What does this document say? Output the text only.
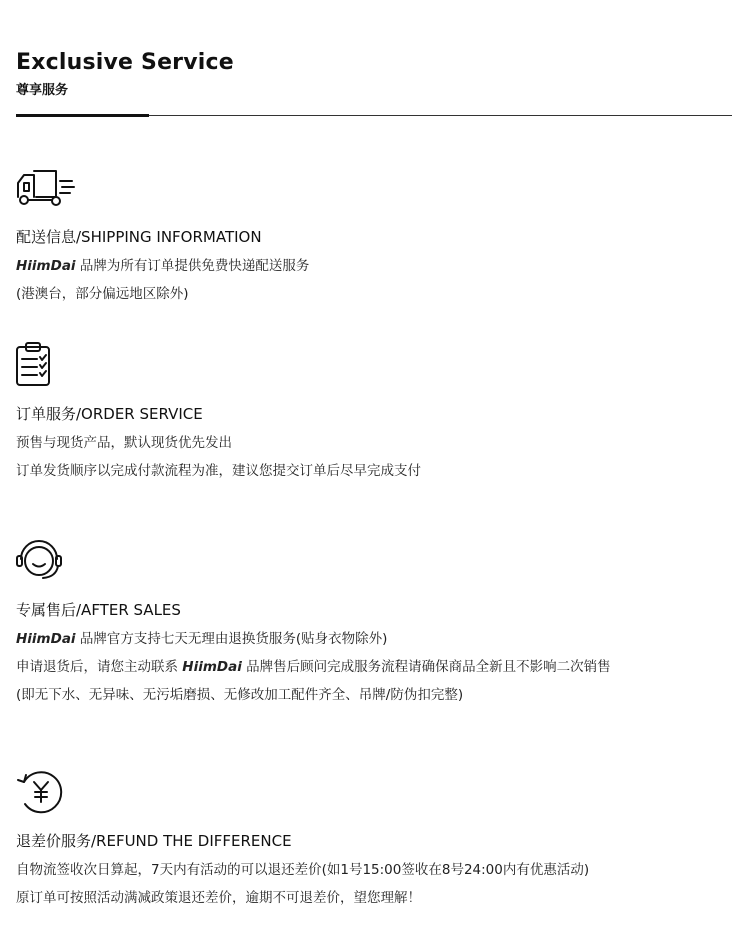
Exclusive Service
尊享服务
配送信息/SHIPPING INFORMATION
HiimDai 品牌为所有订单提供免费快递配送服务
(港澳台，部分偏远地区除外)
订单服务/ORDER SERVICE
预售与现货产品，默认现货优先发出
订单发货顺序以完成付款流程为准，建议您提交订单后尽早完成支付
专属售后/AFTER SALES
HiimDai 品牌官方支持七天无理由退换货服务(贴身衣物除外)
申请退货后，请您主动联系 HiimDai 品牌售后顾问完成服务流程请确保商品全新且不影响二次销售
(即无下水、无异味、无污垢磨损、无修改加工配件齐全、吊牌/防伪扣完整)
退差价服务/REFUND THE DIFFERENCE
自物流签收次日算起，7天内有活动的可以退还差价(如1号15:00签收在8号24:00内有优惠活动)
原订单可按照活动满减政策退还差价，逾期不可退差价，望您理解！
